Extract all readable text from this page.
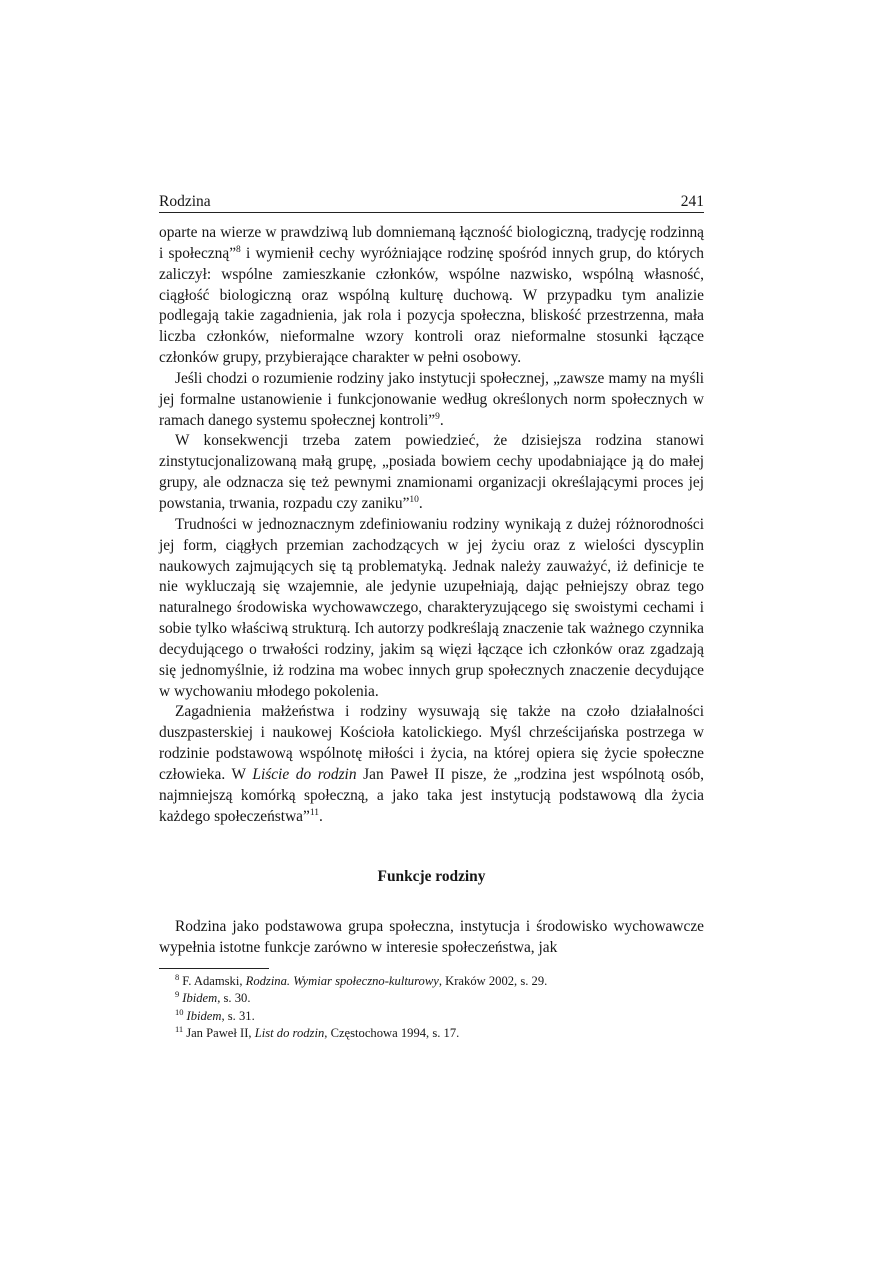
Rodzina	241

oparte na wierze w prawdziwą lub domniemaną łączność biologiczną, tradycję rodzinną i społeczną”$^8$ i wymienił cechy wyróżniające rodzinę spośród innych grup, do których zaliczył: wspólne zamieszkanie członków, wspólne nazwisko, wspólną własność, ciągłość biologiczną oraz wspólną kulturę duchową. W przypadku tym analizie podlegają takie zagadnienia, jak rola i pozycja społeczna, bliskość przestrzenna, mała liczba członków, nieformalne wzory kontroli oraz nieformalne stosunki łączące członków grupy, przybierające charakter w pełni osobowy.

Jeśli chodzi o rozumienie rodziny jako instytucji społecznej, „zawsze mamy na myśli jej formalne ustanowienie i funkcjonowanie według określonych norm społecznych w ramach danego systemu społecznej kontroli”$^9$.

W konsekwencji trzeba zatem powiedzieć, że dzisiejsza rodzina stanowi zinstytucjonalizowaną małą grupę, „posiada bowiem cechy upodabniające ją do małej grupy, ale odznacza się też pewnymi znamionami organizacji określającymi proces jej powstania, trwania, rozpadu czy zaniku”$^{10}$.

Trudności w jednoznacznym zdefiniowaniu rodziny wynikają z dużej różnorodności jej form, ciągłych przemian zachodzących w jej życiu oraz z wielości dyscyplin naukowych zajmujących się tą problematyką. Jednak należy zauważyć, iż definicje te nie wykluczają się wzajemnie, ale jedynie uzupełniają, dając pełniejszy obraz tego naturalnego środowiska wychowawczego, charakteryzującego się swoistymi cechami i sobie tylko właściwą strukturą. Ich autorzy podkreślają znaczenie tak ważnego czynnika decydującego o trwałości rodziny, jakim są więzi łączące ich członków oraz zgadzają się jednomyślnie, iż rodzina ma wobec innych grup społecznych znaczenie decydujące w wychowaniu młodego pokolenia.

Zagadnienia małżeństwa i rodziny wysuwają się także na czoło działalności duszpasterskiej i naukowej Kościoła katolickiego. Myśl chrześcijańska postrzega w rodzinie podstawową wspólnotę miłości i życia, na której opiera się życie społeczne człowieka. W Liście do rodzin Jan Paweł II pisze, że „rodzina jest wspólnotą osób, najmniejszą komórką społeczną, a jako taka jest instytucją podstawową dla życia każdego społeczeństwa”$^{11}$.

Funkcje rodziny

Rodzina jako podstawowa grupa społeczna, instytucja i środowisko wychowawcze wypełnia istotne funkcje zarówno w interesie społeczeństwa, jak

$^8$ F. Adamski, Rodzina. Wymiar społeczno-kulturowy, Kraków 2002, s. 29.

$^9$ Ibidem, s. 30.

$^{10}$ Ibidem, s. 31.

$^{11}$ Jan Paweł II, List do rodzin, Częstochowa 1994, s. 17.
